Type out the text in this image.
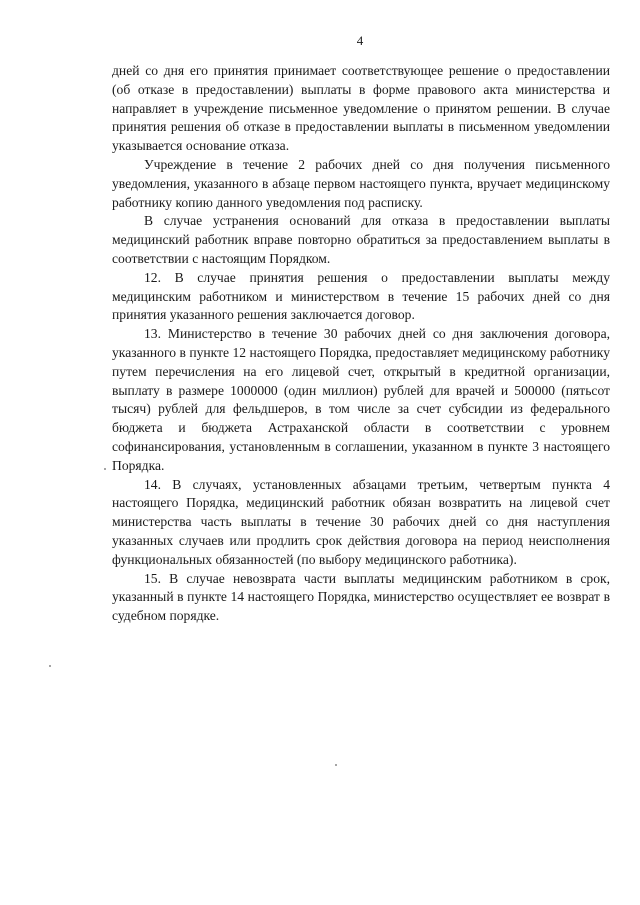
4

дней со дня его принятия принимает соответствующее решение о предоставлении (об отказе в предоставлении) выплаты в форме правового акта министерства и направляет в учреждение письменное уведомление о принятом решении. В случае принятия решения об отказе в предоставлении выплаты в письменном уведомлении указывается основание отказа.

Учреждение в течение 2 рабочих дней со дня получения письменного уведомления, указанного в абзаце первом настоящего пункта, вручает медицинскому работнику копию данного уведомления под расписку.

В случае устранения оснований для отказа в предоставлении выплаты медицинский работник вправе повторно обратиться за предоставлением выплаты в соответствии с настоящим Порядком.

12. В случае принятия решения о предоставлении выплаты между медицинским работником и министерством в течение 15 рабочих дней со дня принятия указанного решения заключается договор.

13. Министерство в течение 30 рабочих дней со дня заключения договора, указанного в пункте 12 настоящего Порядка, предоставляет медицинскому работнику путем перечисления на его лицевой счет, открытый в кредитной организации, выплату в размере 1000000 (один миллион) рублей для врачей и 500000 (пятьсот тысяч) рублей для фельдшеров, в том числе за счет субсидии из федерального бюджета и бюджета Астраханской области в соответствии с уровнем софинансирования, установленным в соглашении, указанном в пункте 3 настоящего Порядка.

14. В случаях, установленных абзацами третьим, четвертым пункта 4 настоящего Порядка, медицинский работник обязан возвратить на лицевой счет министерства часть выплаты в течение 30 рабочих дней со дня наступления указанных случаев или продлить срок действия договора на период неисполнения функциональных обязанностей (по выбору медицинского работника).

15. В случае невозврата части выплаты медицинским работником в срок, указанный в пункте 14 настоящего Порядка, министерство осуществляет ее возврат в судебном порядке.
